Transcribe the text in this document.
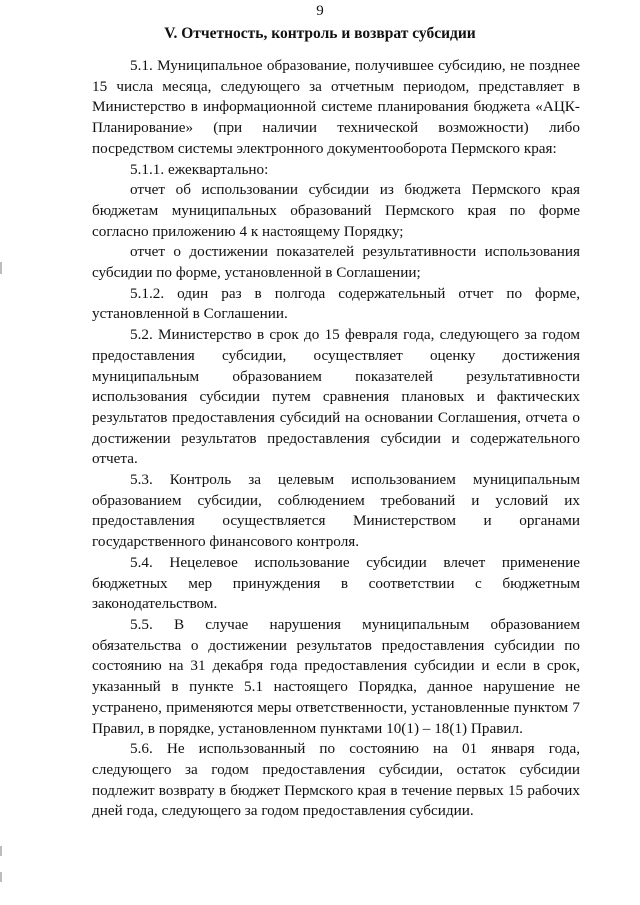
9
V. Отчетность, контроль и возврат субсидии

5.1. Муниципальное образование, получившее субсидию, не позднее 15 числа месяца, следующего за отчетным периодом, представляет в Министерство в информационной системе планирования бюджета «АЦК-Планирование» (при наличии технической возможности) либо посредством системы электронного документооборота Пермского края:

5.1.1. ежеквартально:

отчет об использовании субсидии из бюджета Пермского края бюджетам муниципальных образований Пермского края по форме согласно приложению 4 к настоящему Порядку;

отчет о достижении показателей результативности использования субсидии по форме, установленной в Соглашении;

5.1.2. один раз в полгода содержательный отчет по форме, установленной в Соглашении.

5.2. Министерство в срок до 15 февраля года, следующего за годом предоставления субсидии, осуществляет оценку достижения муниципальным образованием показателей результативности использования субсидии путем сравнения плановых и фактических результатов предоставления субсидий на основании Соглашения, отчета о достижении результатов предоставления субсидии и содержательного отчета.

5.3. Контроль за целевым использованием муниципальным образованием субсидии, соблюдением требований и условий их предоставления осуществляется Министерством и органами государственного финансового контроля.

5.4. Нецелевое использование субсидии влечет применение бюджетных мер принуждения в соответствии с бюджетным законодательством.

5.5. В случае нарушения муниципальным образованием обязательства о достижении результатов предоставления субсидии по состоянию на 31 декабря года предоставления субсидии и если в срок, указанный в пункте 5.1 настоящего Порядка, данное нарушение не устранено, применяются меры ответственности, установленные пунктом 7 Правил, в порядке, установленном пунктами 10(1) – 18(1) Правил.

5.6. Не использованный по состоянию на 01 января года, следующего за годом предоставления субсидии, остаток субсидии подлежит возврату в бюджет Пермского края в течение первых 15 рабочих дней года, следующего за годом предоставления субсидии.
